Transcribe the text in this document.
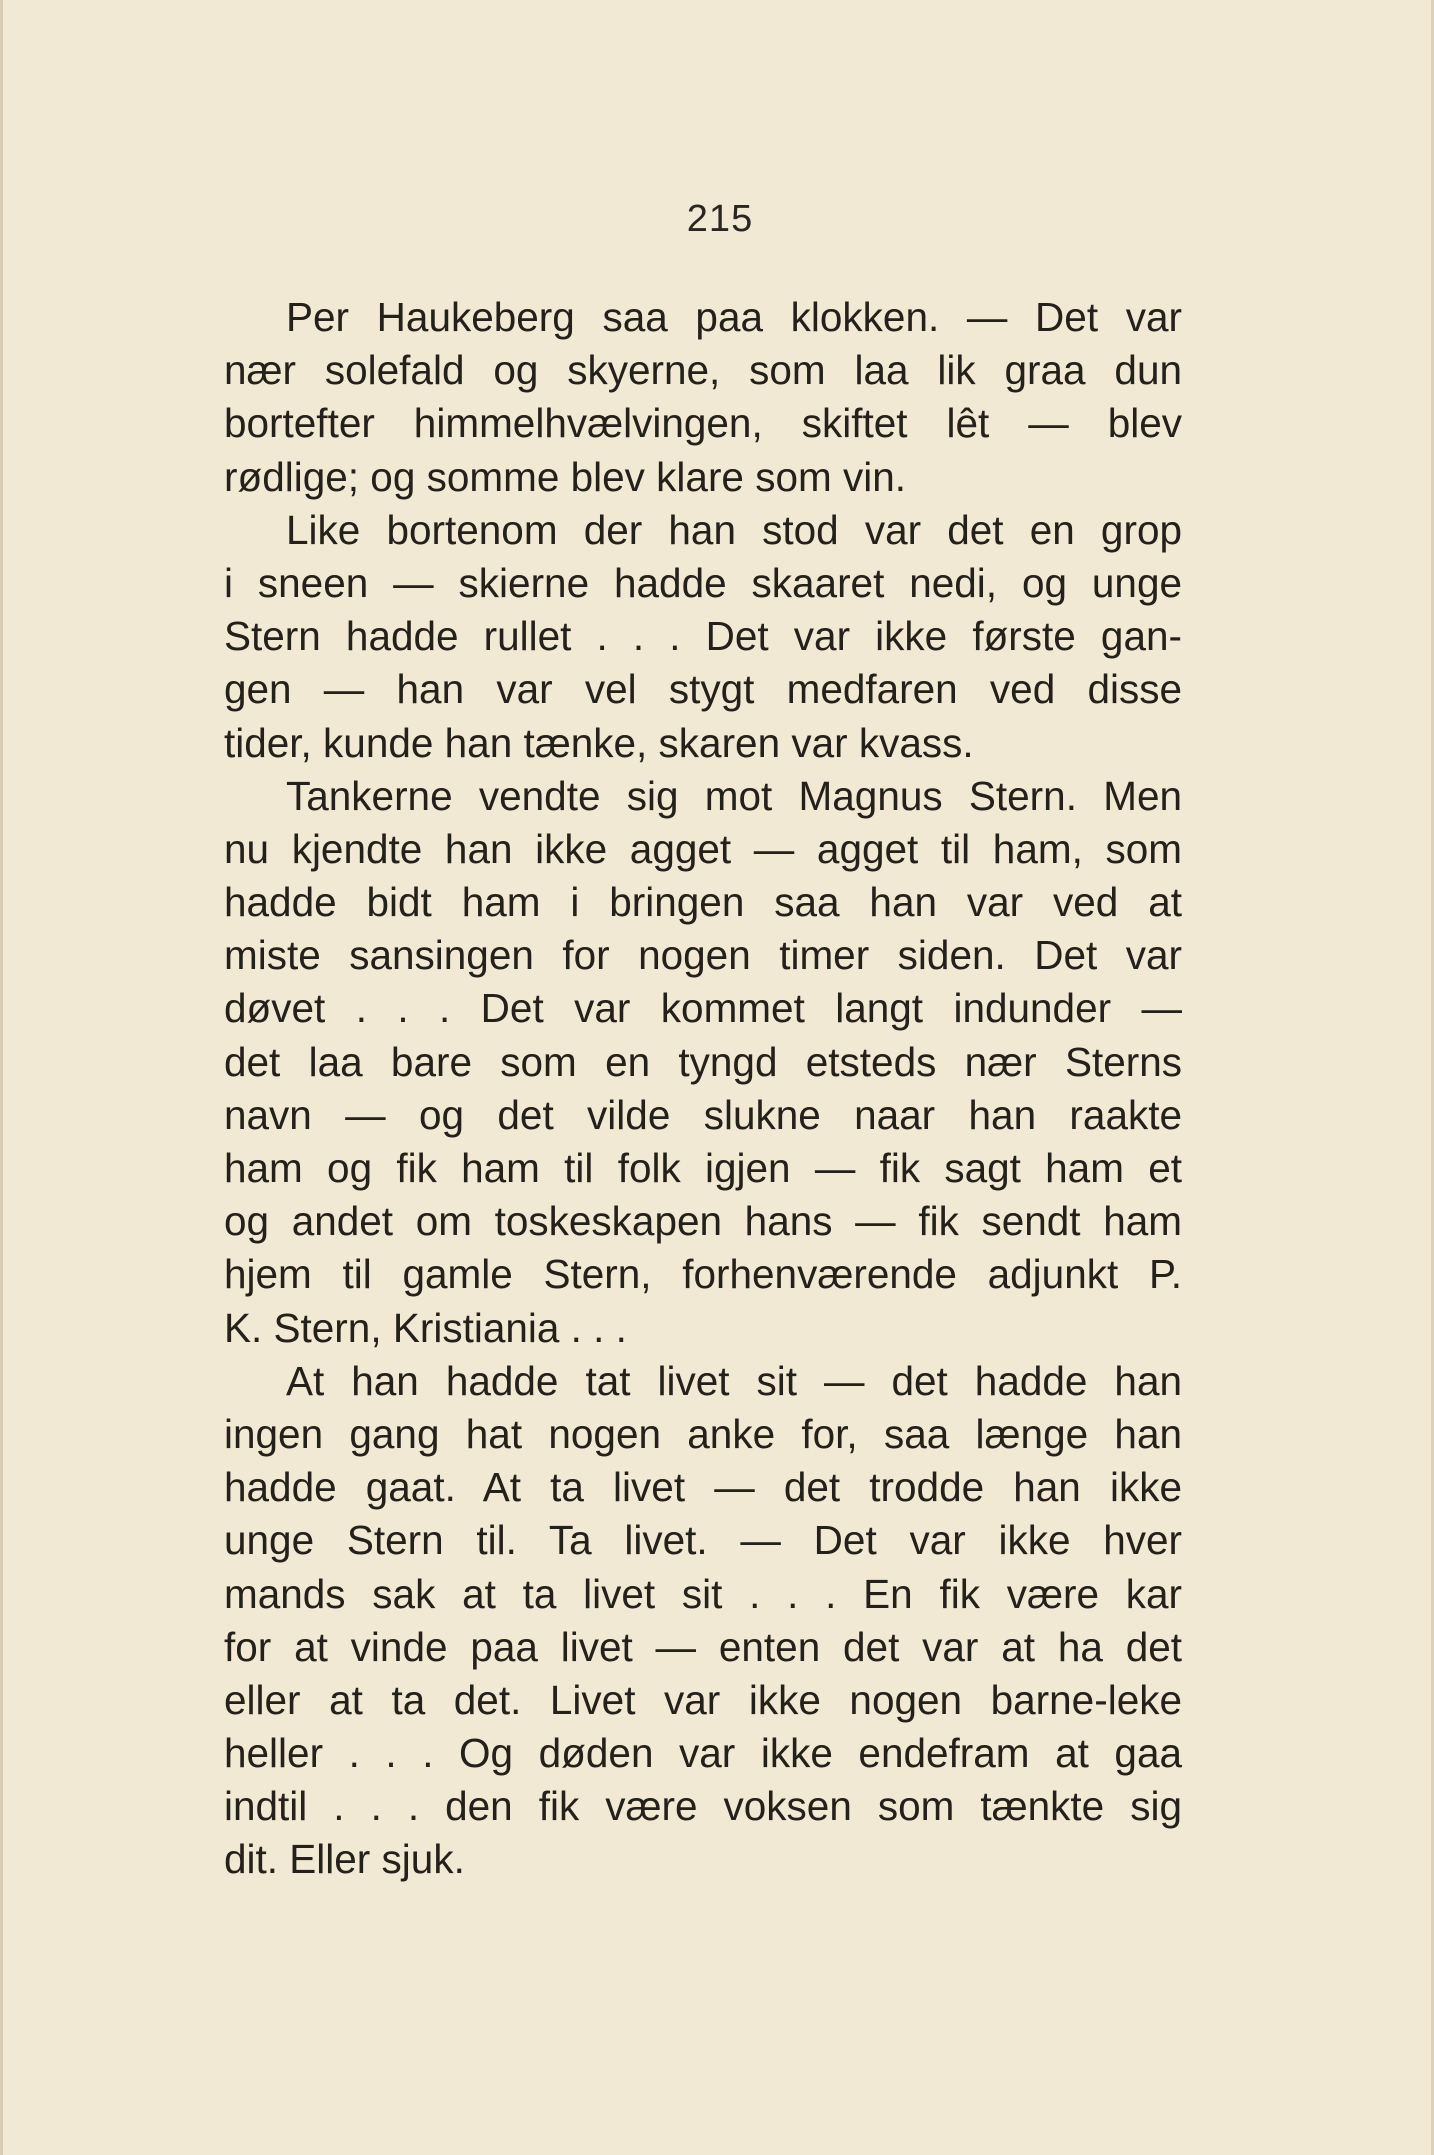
215
Per Haukeberg saa paa klokken. — Det var
nær solefald og skyerne, som laa lik graa dun
bortefter himmelhvælvingen, skiftet lêt — blev
rødlige; og somme blev klare som vin.
Like bortenom der han stod var det en grop
i sneen — skierne hadde skaaret nedi, og unge
Stern hadde rullet . . . Det var ikke første gan-
gen — han var vel stygt medfaren ved disse
tider, kunde han tænke, skaren var kvass.
Tankerne vendte sig mot Magnus Stern. Men
nu kjendte han ikke agget — agget til ham, som
hadde bidt ham i bringen saa han var ved at
miste sansingen for nogen timer siden. Det var
døvet . . . Det var kommet langt indunder —
det laa bare som en tyngd etsteds nær Sterns
navn — og det vilde slukne naar han raakte
ham og fik ham til folk igjen — fik sagt ham et
og andet om toskeskapen hans — fik sendt ham
hjem til gamle Stern, forhenværende adjunkt P.
K. Stern, Kristiania . . .
At han hadde tat livet sit — det hadde han
ingen gang hat nogen anke for, saa længe han
hadde gaat. At ta livet — det trodde han ikke
unge Stern til. Ta livet. — Det var ikke hver
mands sak at ta livet sit . . . En fik være kar
for at vinde paa livet — enten det var at ha det
eller at ta det. Livet var ikke nogen barne-leke
heller . . . Og døden var ikke endefram at gaa
indtil . . . den fik være voksen som tænkte sig
dit. Eller sjuk.
